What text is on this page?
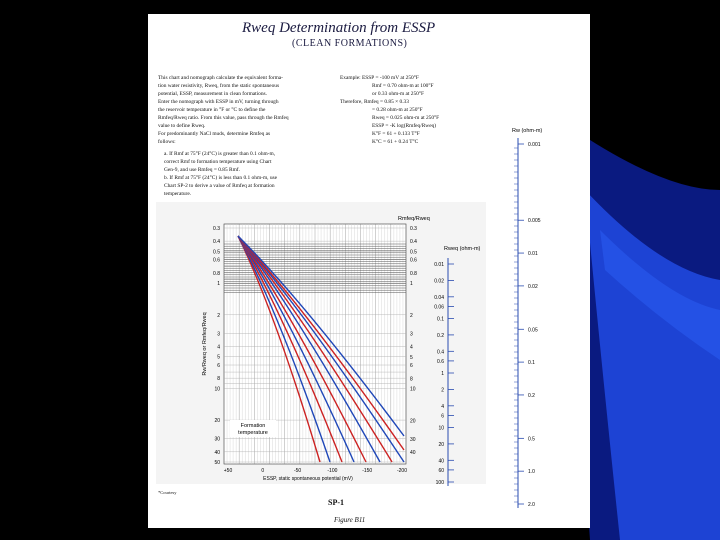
Rweq Determination from ESSP
(CLEAN FORMATIONS)
This chart and nomograph calculate the equivalent forma-
tion water resistivity, Rweq, from the static spontaneous
potential, ESSP, measurement in clean formations.
Enter the nomograph with ESSP in mV, turning through
the reservoir temperature in °F or °C to define the
Rmfeq/Rweq ratio. From this value, pass through the Rmfeq
value to define Rweq.
For predominantly NaCl muds, determine Rmfeq as
follows:
a. If Rmf at 75°F (24°C) is greater than 0.1 ohm-m,
correct Rmf to formation temperature using Chart
Gen-9, and use Rmfeq = 0.85 Rmf.
b. If Rmf at 75°F (24°C) is less than 0.1 ohm-m, use
Chart SP-2 to derive a value of Rmfeq at formation
temperature.
Example: ESSP = -100 mV at 250°F
Rmf = 0.70 ohm-m at 100°F
or 0.33 ohm-m at 250°F
Therefore, Rmfeq = 0.85 × 0.33
= 0.28 ohm-m at 250°F
Rweq = 0.025 ohm-m at 250°F
ESSP = -K log(Rmfeq/Rweq)
K°F = 61 + 0.133 T°F
K°C = 61 + 0.24 T°C
Formation
temperature
0.3
0.4
0.5
0.6
0.8
1
2
3
4
5
6
8
10
20
30
40
50
0.3
0.4
0.5
0.6
0.8
1
2
3
4
5
6
8
10
20
30
40
+50	0	-50	-100	-150	-200
Rmfeq/Rweq
Rw/Rweq or Rmfeq/Rweq
ESSP, static spontaneous potential (mV)
Rweq (ohm-m)
0.01
0.02
0.04
0.06
0.1
0.2
0.4
0.6
1
2
4
6
10
20
40
60
100
Rw (ohm-m)
0.001
0.005
0.01
0.02
0.05
0.1
0.2
0.5
1.0
2.0
*Courtesy
SP-1
Figure B11
